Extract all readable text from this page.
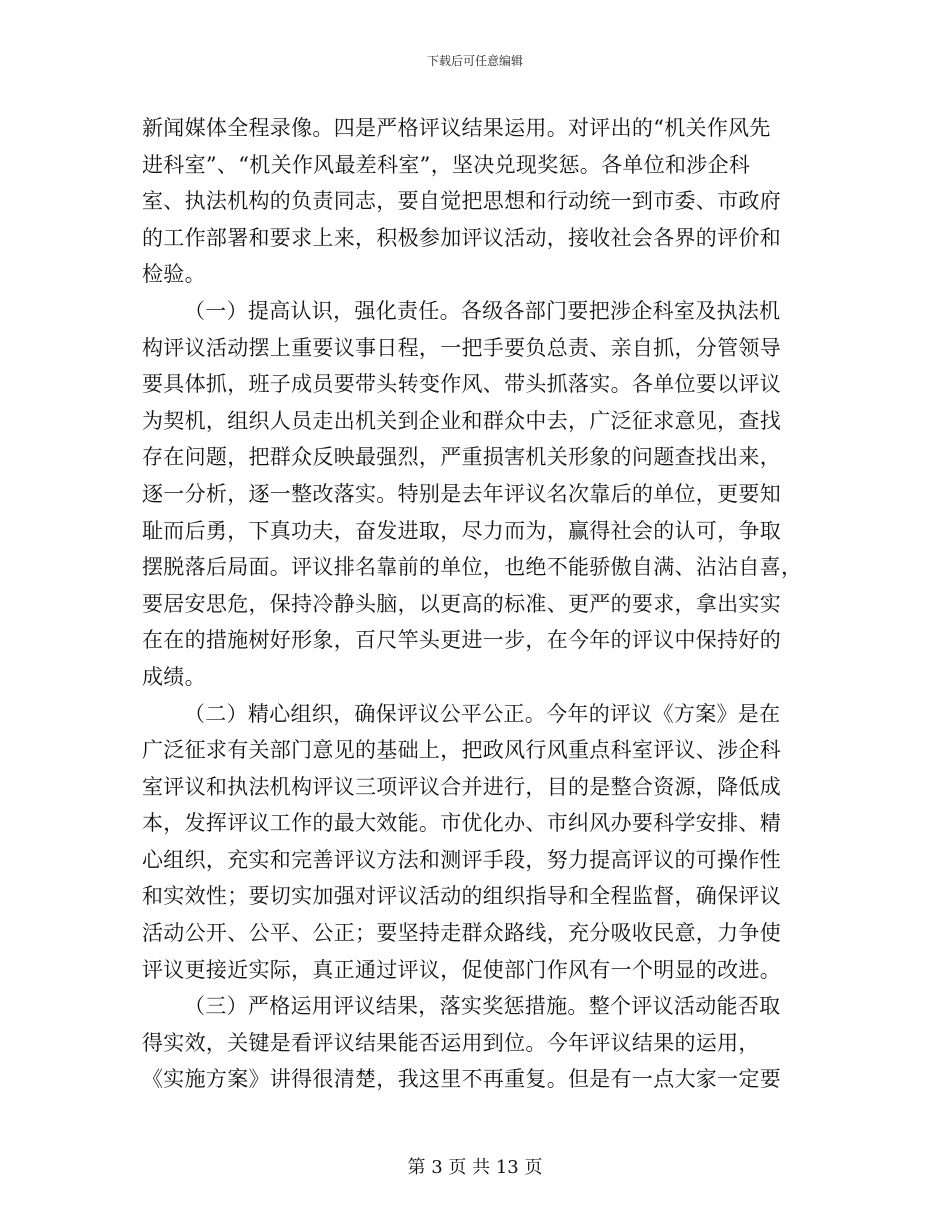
下载后可任意编辑

新闻媒体全程录像。四是严格评议结果运用。对评出的“机关作风先
进科室”、“机关作风最差科室”，坚决兑现奖惩。各单位和涉企科
室、执法机构的负责同志，要自觉把思想和行动统一到市委、市政府
的工作部署和要求上来，积极参加评议活动，接收社会各界的评价和
检验。

（一）提高认识，强化责任。各级各部门要把涉企科室及执法机
构评议活动摆上重要议事日程，一把手要负总责、亲自抓，分管领导
要具体抓，班子成员要带头转变作风、带头抓落实。各单位要以评议
为契机，组织人员走出机关到企业和群众中去，广泛征求意见，查找
存在问题，把群众反映最强烈，严重损害机关形象的问题查找出来，
逐一分析，逐一整改落实。特别是去年评议名次靠后的单位，更要知
耻而后勇，下真功夫，奋发进取，尽力而为，赢得社会的认可，争取
摆脱落后局面。评议排名靠前的单位，也绝不能骄傲自满、沾沾自喜，
要居安思危，保持冷静头脑，以更高的标准、更严的要求，拿出实实
在在的措施树好形象，百尺竿头更进一步，在今年的评议中保持好的
成绩。

（二）精心组织，确保评议公平公正。今年的评议《方案》是在
广泛征求有关部门意见的基础上，把政风行风重点科室评议、涉企科
室评议和执法机构评议三项评议合并进行，目的是整合资源，降低成
本，发挥评议工作的最大效能。市优化办、市纠风办要科学安排、精
心组织，充实和完善评议方法和测评手段，努力提高评议的可操作性
和实效性；要切实加强对评议活动的组织指导和全程监督，确保评议
活动公开、公平、公正；要坚持走群众路线，充分吸收民意，力争使
评议更接近实际，真正通过评议，促使部门作风有一个明显的改进。

（三）严格运用评议结果，落实奖惩措施。整个评议活动能否取
得实效，关键是看评议结果能否运用到位。今年评议结果的运用，
《实施方案》讲得很清楚，我这里不再重复。但是有一点大家一定要

第 3 页 共 13 页
